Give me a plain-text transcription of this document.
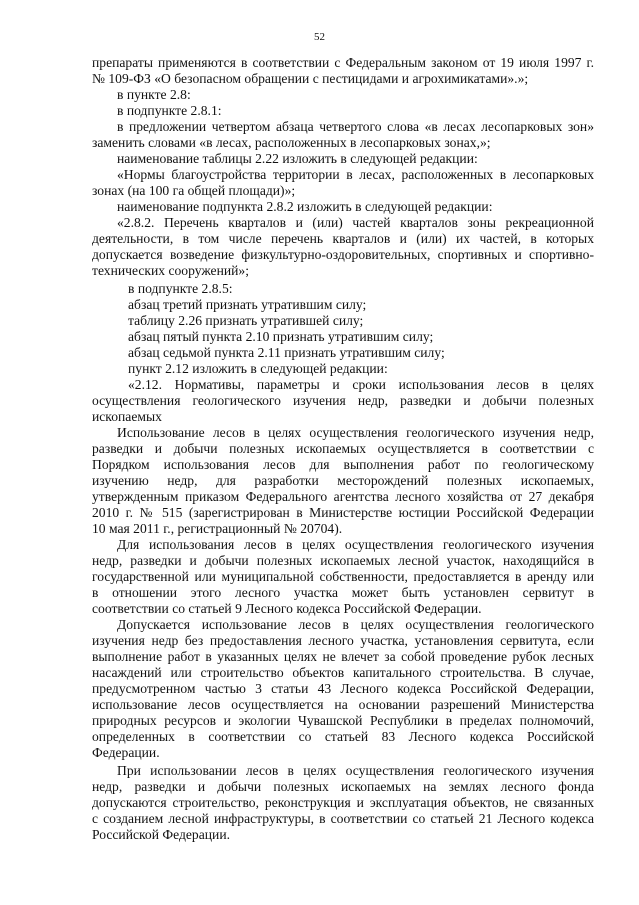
52
препараты применяются в соответствии с Федеральным законом от 19 июля 1997 г.
№ 109-ФЗ «О безопасном обращении с пестицидами и агрохимикатами».»;
в пункте 2.8:
в подпункте 2.8.1:
в предложении четвертом абзаца четвертого слова «в лесах лесопарковых зон»
заменить словами «в лесах, расположенных в лесопарковых зонах,»;
наименование таблицы 2.22 изложить в следующей редакции:
«Нормы благоустройства территории в лесах, расположенных в лесопарковых
зонах (на 100 га общей площади)»;
наименование подпункта 2.8.2 изложить в следующей редакции:
«2.8.2. Перечень кварталов и (или) частей кварталов зоны рекреационной
деятельности, в том числе перечень кварталов и (или) их частей, в которых
допускается возведение физкультурно-оздоровительных, спортивных и спортивно-
технических сооружений»;
в подпункте 2.8.5:
абзац третий признать утратившим силу;
таблицу 2.26 признать утратившей силу;
абзац пятый пункта 2.10 признать утратившим силу;
абзац седьмой пункта 2.11 признать утратившим силу;
пункт 2.12 изложить в следующей редакции:
«2.12. Нормативы, параметры и сроки использования лесов в целях
осуществления геологического изучения недр, разведки и добычи полезных
ископаемых
Использование лесов в целях осуществления геологического изучения недр,
разведки и добычи полезных ископаемых осуществляется в соответствии с
Порядком использования лесов для выполнения работ по геологическому
изучению недр, для разработки месторождений полезных ископаемых,
утвержденным приказом Федерального агентства лесного хозяйства от 27 декабря
2010 г. № 515 (зарегистрирован в Министерстве юстиции Российской Федерации
10 мая 2011 г., регистрационный № 20704).
Для использования лесов в целях осуществления геологического изучения
недр, разведки и добычи полезных ископаемых лесной участок, находящийся в
государственной или муниципальной собственности, предоставляется в аренду или
в отношении этого лесного участка может быть установлен сервитут в
соответствии со статьей 9 Лесного кодекса Российской Федерации.
Допускается использование лесов в целях осуществления геологического
изучения недр без предоставления лесного участка, установления сервитута, если
выполнение работ в указанных целях не влечет за собой проведение рубок лесных
насаждений или строительство объектов капитального строительства. В случае,
предусмотренном частью 3 статьи 43 Лесного кодекса Российской Федерации,
использование лесов осуществляется на основании разрешений Министерства
природных ресурсов и экологии Чувашской Республики в пределах полномочий,
определенных в соответствии со статьей 83 Лесного кодекса Российской
Федерации.
При использовании лесов в целях осуществления геологического изучения
недр, разведки и добычи полезных ископаемых на землях лесного фонда
допускаются строительство, реконструкция и эксплуатация объектов, не связанных
с созданием лесной инфраструктуры, в соответствии со статьей 21 Лесного кодекса
Российской Федерации.
